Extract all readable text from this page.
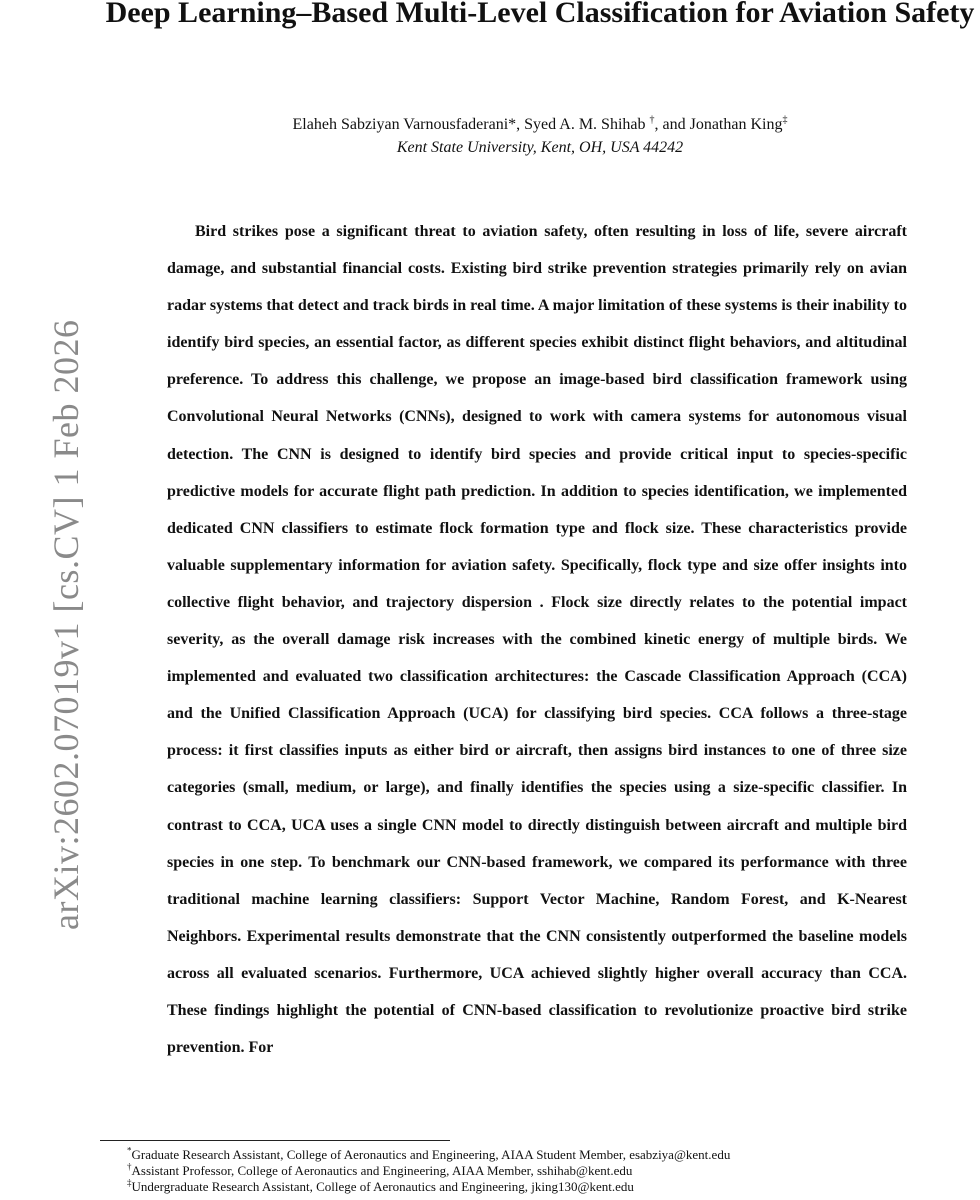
Deep Learning–Based Multi-Level Classification for Aviation Safety
Elaheh Sabziyan Varnousfaderani*, Syed A. M. Shihab †, and Jonathan King‡
Kent State University, Kent, OH, USA 44242

Bird strikes pose a significant threat to aviation safety, often resulting in loss of life, severe aircraft damage, and substantial financial costs. Existing bird strike prevention strategies primarily rely on avian radar systems that detect and track birds in real time. A major limitation of these systems is their inability to identify bird species, an essential factor, as different species exhibit distinct flight behaviors, and altitudinal preference. To address this challenge, we propose an image-based bird classification framework using Convolutional Neural Networks (CNNs), designed to work with camera systems for autonomous visual detection. The CNN is designed to identify bird species and provide critical input to species-specific predictive models for accurate flight path prediction. In addition to species identification, we implemented dedicated CNN classifiers to estimate flock formation type and flock size. These characteristics provide valuable supplementary information for aviation safety. Specifically, flock type and size offer insights into collective flight behavior, and trajectory dispersion . Flock size directly relates to the potential impact severity, as the overall damage risk increases with the combined kinetic energy of multiple birds. We implemented and evaluated two classification architectures: the Cascade Classification Approach (CCA) and the Unified Classification Approach (UCA) for classifying bird species. CCA follows a three-stage process: it first classifies inputs as either bird or aircraft, then assigns bird instances to one of three size categories (small, medium, or large), and finally identifies the species using a size-specific classifier. In contrast to CCA, UCA uses a single CNN model to directly distinguish between aircraft and multiple bird species in one step. To benchmark our CNN-based framework, we compared its performance with three traditional machine learning classifiers: Support Vector Machine, Random Forest, and K-Nearest Neighbors. Experimental results demonstrate that the CNN consistently outperformed the baseline models across all evaluated scenarios. Furthermore, UCA achieved slightly higher overall accuracy than CCA. These findings highlight the potential of CNN-based classification to revolutionize proactive bird strike prevention. For

arXiv:2602.07019v1 [cs.CV] 1 Feb 2026
*Graduate Research Assistant, College of Aeronautics and Engineering, AIAA Student Member, esabziya@kent.edu
†Assistant Professor, College of Aeronautics and Engineering, AIAA Member, sshihab@kent.edu
‡Undergraduate Research Assistant, College of Aeronautics and Engineering, jking130@kent.edu
